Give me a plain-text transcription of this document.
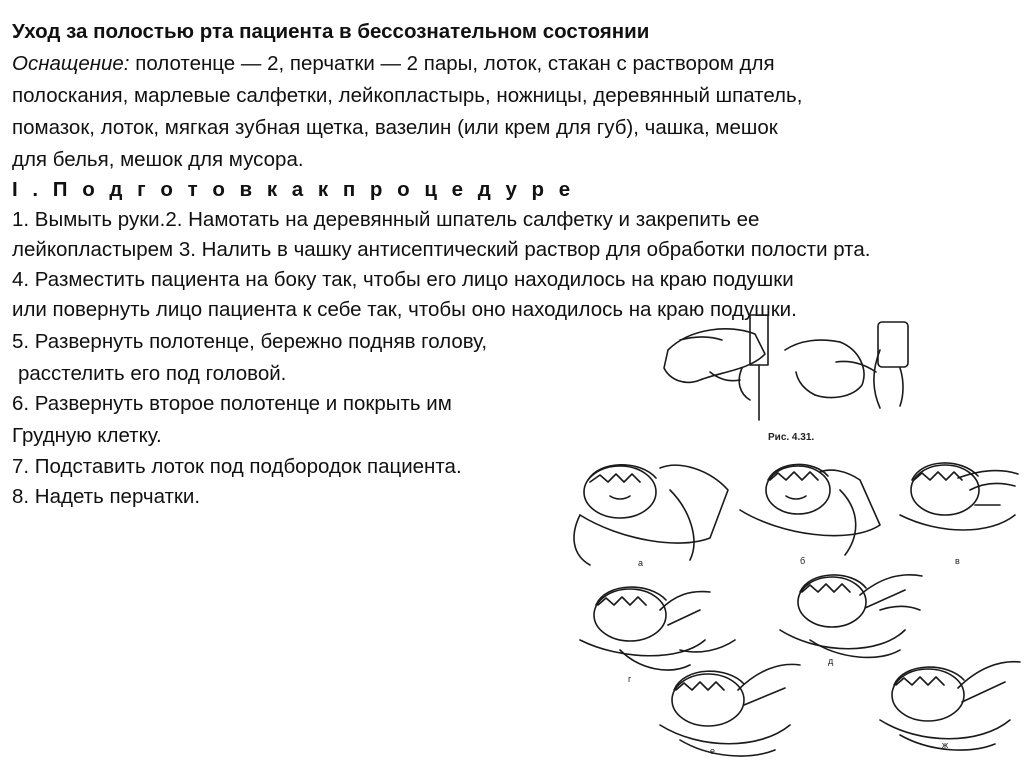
Уход за полостью рта пациента в бессознательном состоянии
Оснащение: полотенце — 2, перчатки — 2 пары, лоток, стакан с раствором для
полоскания, марлевые салфетки, лейкопластырь, ножницы, деревянный шпатель,
помазок, лоток, мягкая зубная щетка, вазелин (или крем для губ), чашка, мешок
для белья, мешок для мусора.
I . П о д г о т о в к а к п р о ц е д у р е
1. Вымыть руки.2. Намотать на деревянный шпатель салфетку и закрепить ее
лейкопластырем 3. Налить в чашку антисептический раствор для обработки полости рта.
4. Разместить пациента на боку так, чтобы его лицо находилось на краю подушки
или повернуть лицо пациента к себе так, чтобы оно находилось на краю подушки.
5. Развернуть полотенце, бережно подняв голову,
расстелить его под головой.
6. Развернуть второе полотенце и покрыть им
Грудную клетку.
7. Подставить лоток под подбородок пациента.
8. Надеть перчатки.
Рис. 4.31.
а	б	в
г
д
е
ж
